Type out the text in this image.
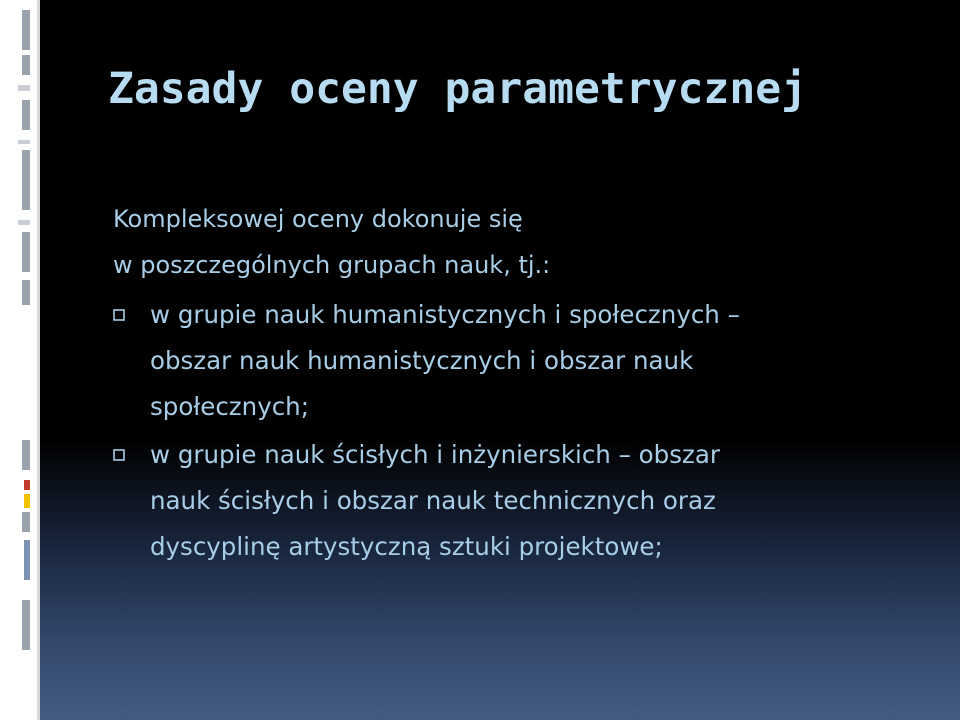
Zasady oceny parametrycznej
Kompleksowej oceny dokonuje się
w poszczególnych grupach nauk, tj.:
w grupie nauk humanistycznych i społecznych –
obszar nauk humanistycznych i obszar nauk
społecznych;
w grupie nauk ścisłych i inżynierskich – obszar
nauk ścisłych i obszar nauk technicznych oraz
dyscyplinę artystyczną sztuki projektowe;
